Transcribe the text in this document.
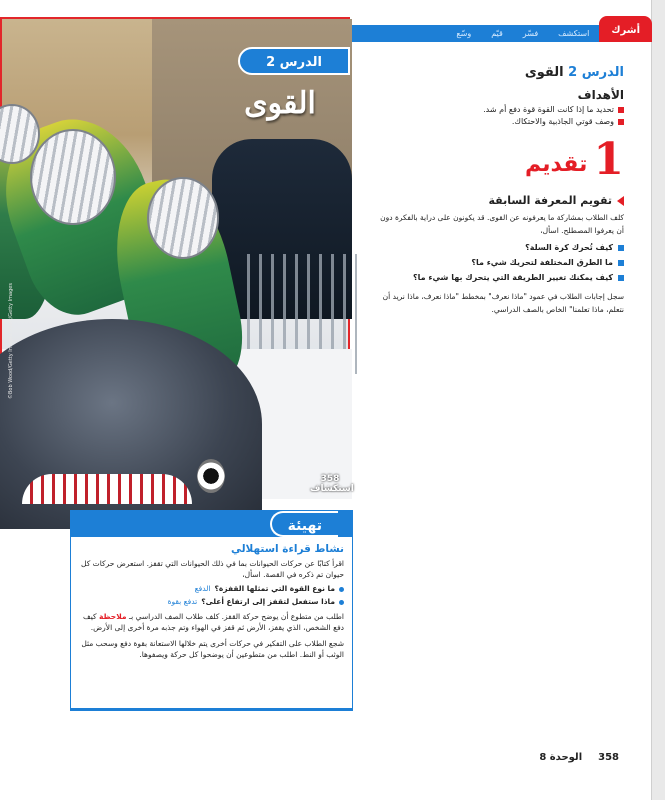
أشرك
استكشف
فسّر
قيّم
وسّع
©Bob Wood/Getty Images Sport/Getty Images
358
استكشاف
الدرس 2
القوى
الدرس 2 القوى
الأهداف
تحديد ما إذا كانت القوة قوة دفع أم شد.
وصف قوتي الجاذبية والاحتكاك.
1
تقديم
تقويم المعرفة السابقة
كلف الطلاب بمشاركة ما يعرفونه عن القوى. قد يكونون على دراية بالفكرة دون أن يعرفوا المصطلح. اسأل،
كيف تُحرك كرة السلة؟
ما الطرق المختلفة لتحريك شيء ما؟
كيف يمكنك تغيير الطريقة التي يتحرك بها شيء ما؟
سجل إجابات الطلاب في عمود "ماذا نعرف" بمخطط "ماذا نعرف، ماذا نريد أن نتعلم، ماذا تعلمنا" الخاص بالصف الدراسي.
تهيئة
نشاط قراءة استهلالي
اقرأ كتابًا عن حركات الحيوانات بما في ذلك الحيوانات التي تقفز. استعرض حركات كل حيوان تم ذكره في القصة. اسأل،
ما نوع القوة التي تمثلها القفزة؟الدفع
ماذا ستفعل لتقفز إلى ارتفاع أعلى؟تدفع بقوة
اطلب من متطوع أن يوضح حركة القفز. كلف طلاب الصف الدراسي بـ ملاحظة كيف دفع الشخص، الذي يقفز، الأرض ثم قفز في الهواء وتم جذبه مرة أخرى إلى الأرض.
شجع الطلاب على التفكير في حركات أخرى يتم خلالها الاستعانة بقوة دفع وسحب مثل الوثب أو النط. اطلب من متطوعين أن يوضحوا كل حركة ويصفوها.
358
الوحدة 8
